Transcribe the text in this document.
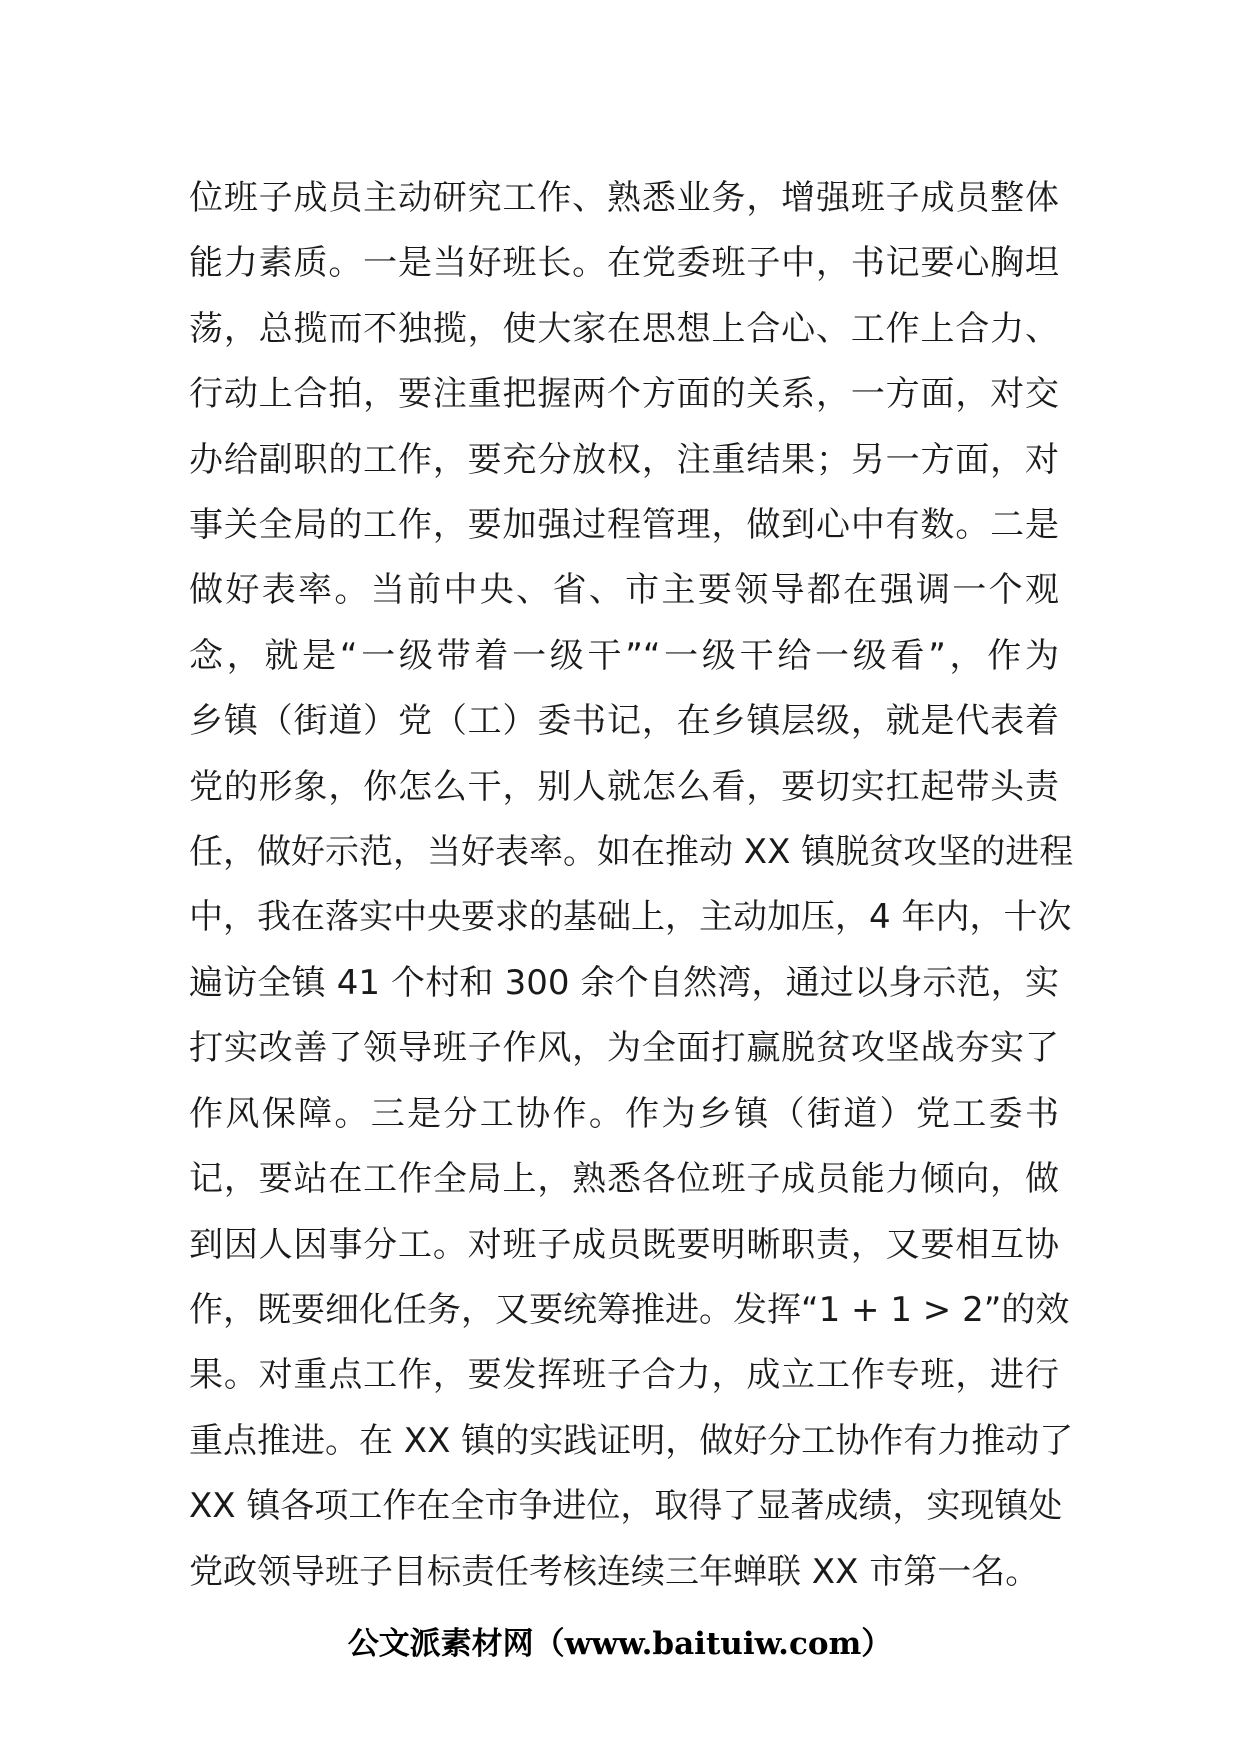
位班子成员主动研究工作、熟悉业务，增强班子成员整体
能力素质。一是当好班长。在党委班子中，书记要心胸坦
荡，总揽而不独揽，使大家在思想上合心、工作上合力、
行动上合拍，要注重把握两个方面的关系，一方面，对交
办给副职的工作，要充分放权，注重结果；另一方面，对
事关全局的工作，要加强过程管理，做到心中有数。二是
做好表率。当前中央、省、市主要领导都在强调一个观
念，就是“一级带着一级干”“一级干给一级看”，作为
乡镇（街道）党（工）委书记，在乡镇层级，就是代表着
党的形象，你怎么干，别人就怎么看，要切实扛起带头责
任，做好示范，当好表率。如在推动 XX 镇脱贫攻坚的进程
中，我在落实中央要求的基础上，主动加压，4 年内，十次
遍访全镇 41 个村和 300 余个自然湾，通过以身示范，实
打实改善了领导班子作风，为全面打赢脱贫攻坚战夯实了
作风保障。三是分工协作。作为乡镇（街道）党工委书
记，要站在工作全局上，熟悉各位班子成员能力倾向，做
到因人因事分工。对班子成员既要明晰职责，又要相互协
作，既要细化任务，又要统筹推进。发挥“1 + 1 > 2”的效
果。对重点工作，要发挥班子合力，成立工作专班，进行
重点推进。在 XX 镇的实践证明，做好分工协作有力推动了
XX 镇各项工作在全市争进位，取得了显著成绩，实现镇处
党政领导班子目标责任考核连续三年蝉联 XX 市第一名。
公文派素材网（www.baituiw.com）
